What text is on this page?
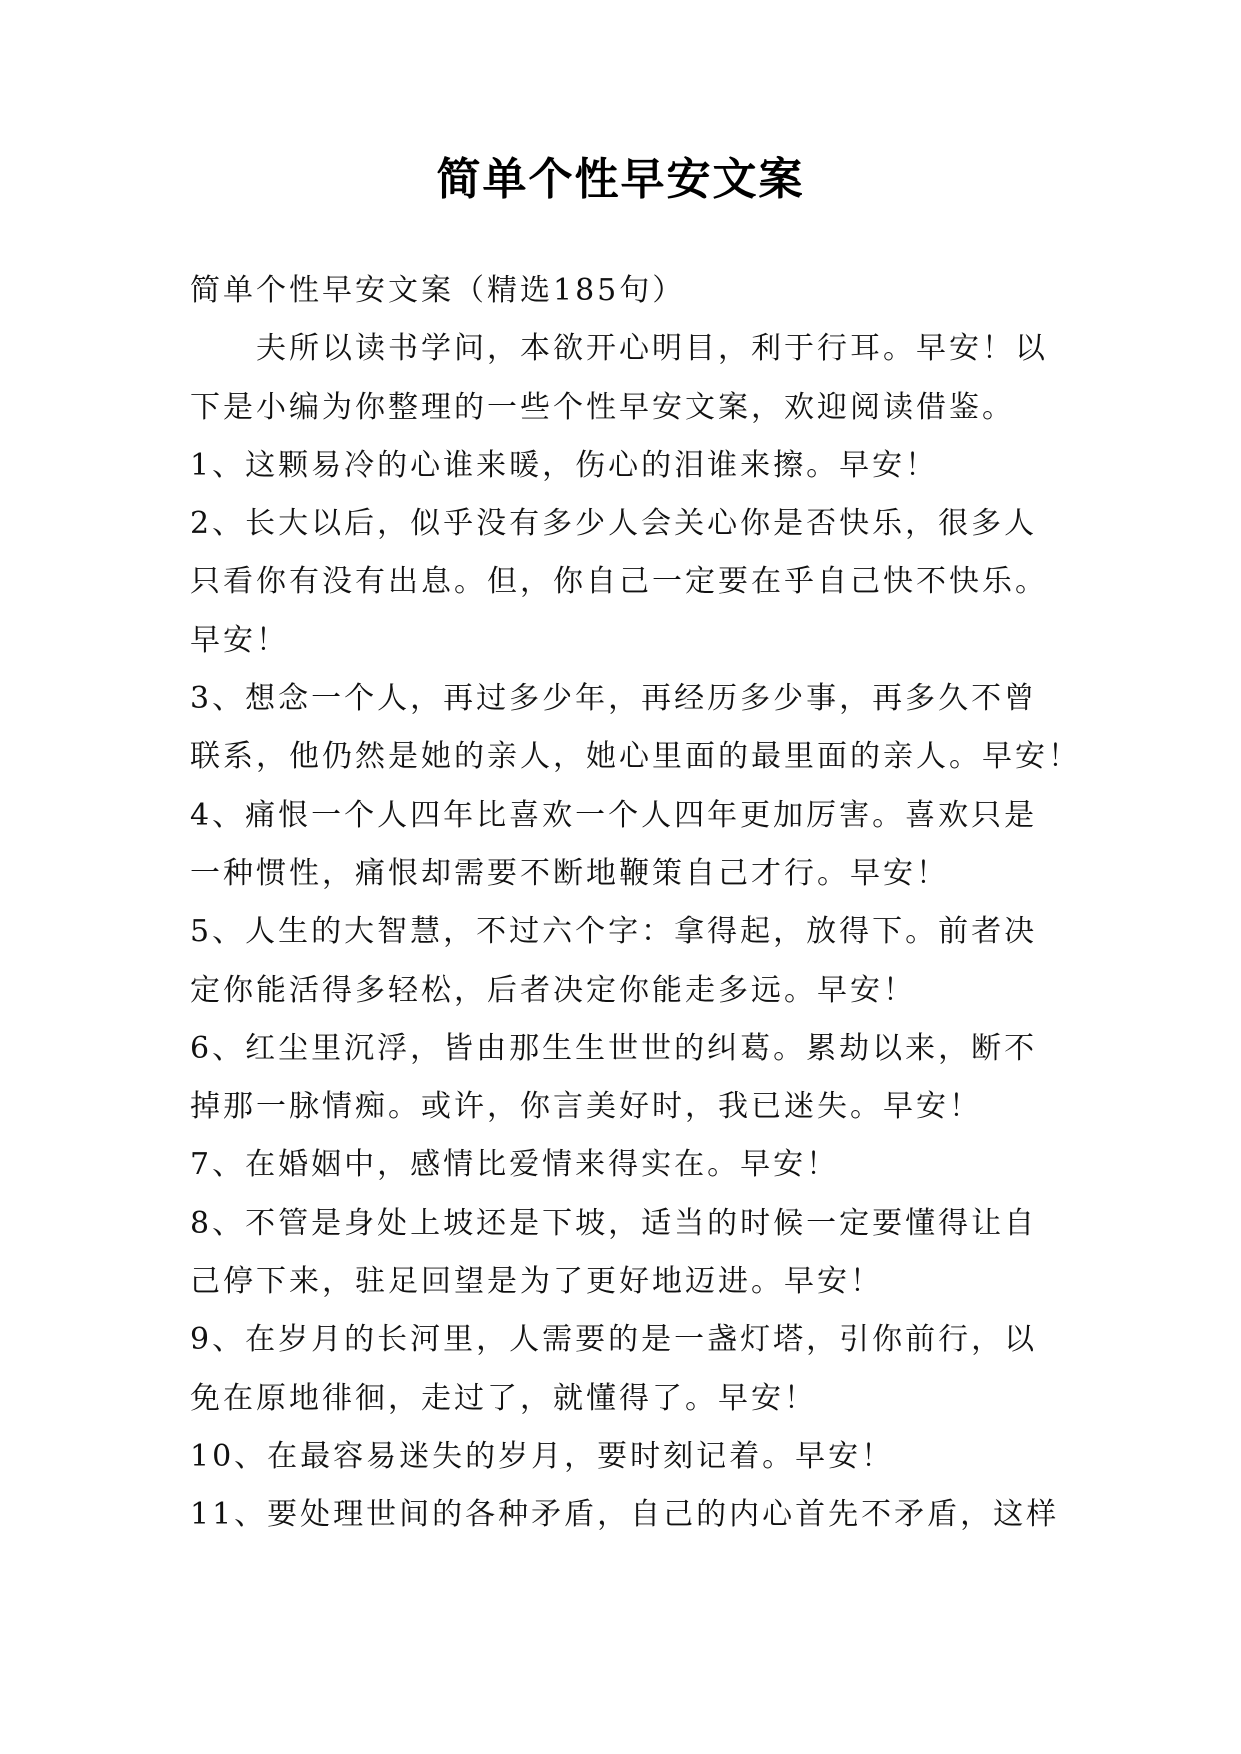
简单个性早安文案
简单个性早安文案（精选185句）
夫所以读书学问，本欲开心明目，利于行耳。早安！以
下是小编为你整理的一些个性早安文案，欢迎阅读借鉴。
1、这颗易冷的心谁来暖，伤心的泪谁来擦。早安！
2、长大以后，似乎没有多少人会关心你是否快乐，很多人
只看你有没有出息。但，你自己一定要在乎自己快不快乐。
早安！
3、想念一个人，再过多少年，再经历多少事，再多久不曾
联系，他仍然是她的亲人，她心里面的最里面的亲人。早安！
4、痛恨一个人四年比喜欢一个人四年更加厉害。喜欢只是
一种惯性，痛恨却需要不断地鞭策自己才行。早安！
5、人生的大智慧，不过六个字：拿得起，放得下。前者决
定你能活得多轻松，后者决定你能走多远。早安！
6、红尘里沉浮，皆由那生生世世的纠葛。累劫以来，断不
掉那一脉情痴。或许，你言美好时，我已迷失。早安！
7、在婚姻中，感情比爱情来得实在。早安！
8、不管是身处上坡还是下坡，适当的时候一定要懂得让自
己停下来，驻足回望是为了更好地迈进。早安！
9、在岁月的长河里，人需要的是一盏灯塔，引你前行，以
免在原地徘徊，走过了，就懂得了。早安！
10、在最容易迷失的岁月，要时刻记着。早安！
11、要处理世间的各种矛盾，自己的内心首先不矛盾，这样
